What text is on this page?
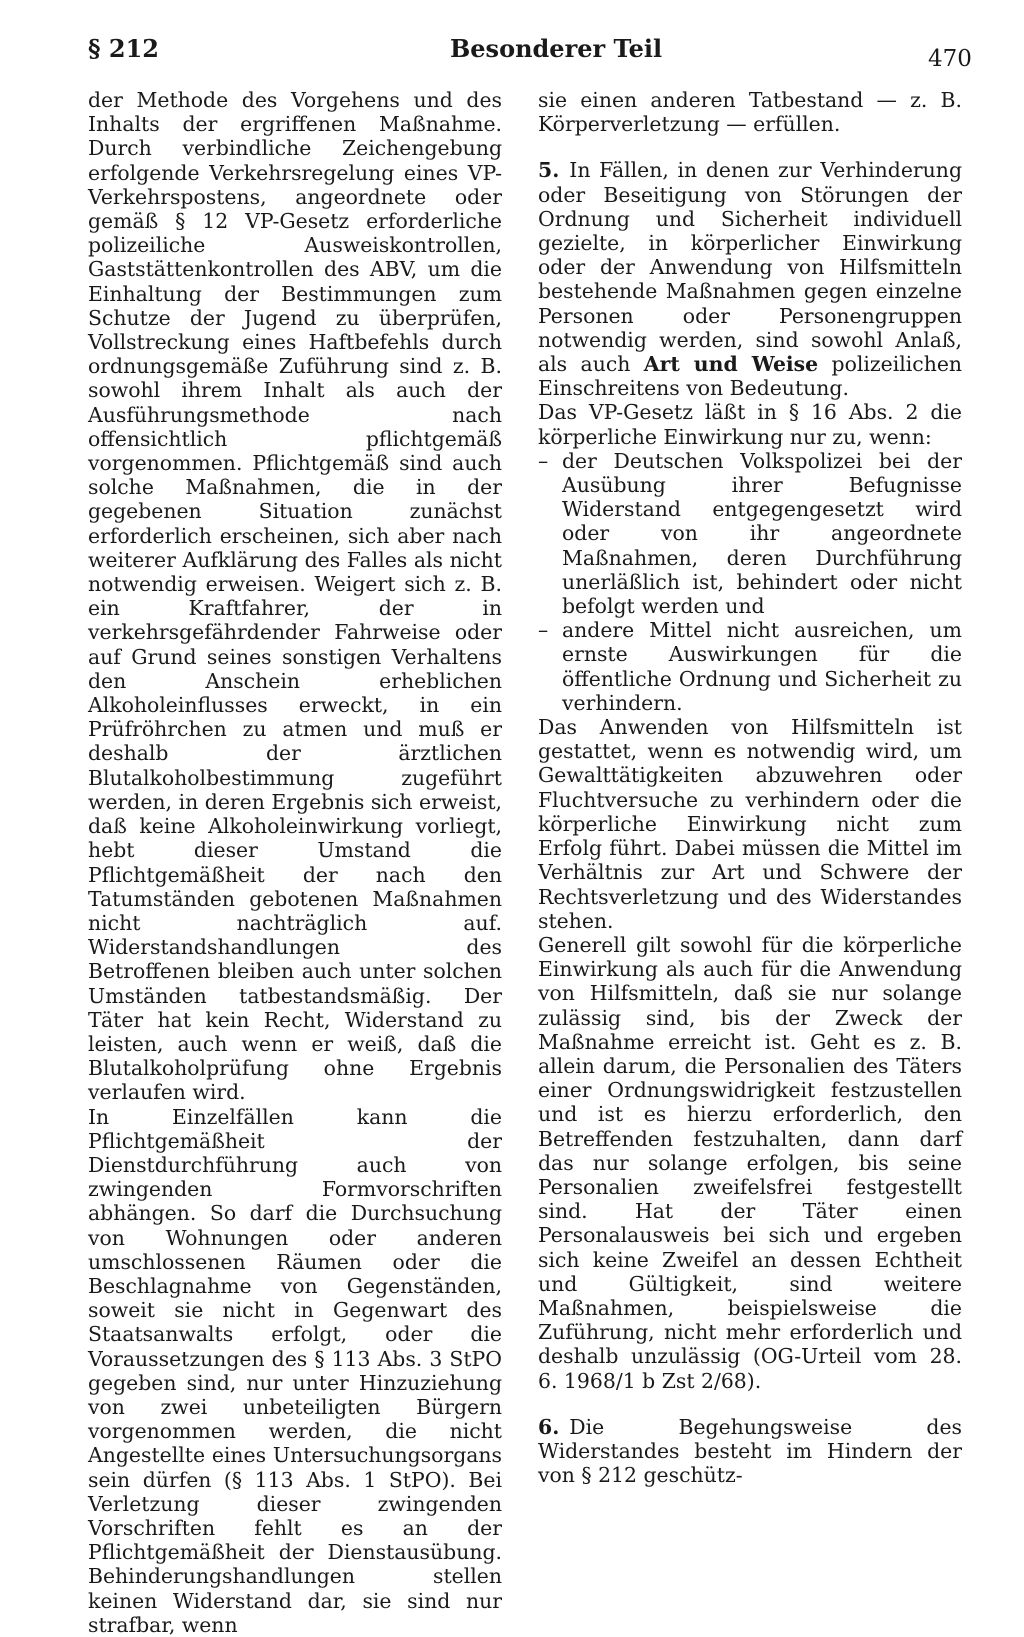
§ 212	Besonderer Teil	470

der Methode des Vorgehens und des Inhalts der ergriffenen Maßnahme. Durch verbindliche Zeichengebung erfolgende Verkehrsregelung eines VP-Verkehrspostens, angeordnete oder gemäß § 12 VP-Gesetz erforderliche polizeiliche Ausweiskontrollen, Gaststättenkontrollen des ABV, um die Einhaltung der Bestimmungen zum Schutze der Jugend zu überprüfen, Vollstreckung eines Haftbefehls durch ordnungsgemäße Zuführung sind z. B. sowohl ihrem Inhalt als auch der Ausführungsmethode nach offensichtlich pflichtgemäß vorgenommen. Pflichtgemäß sind auch solche Maßnahmen, die in der gegebenen Situation zunächst erforderlich erscheinen, sich aber nach weiterer Aufklärung des Falles als nicht notwendig erweisen. Weigert sich z. B. ein Kraftfahrer, der in verkehrsgefährdender Fahrweise oder auf Grund seines sonstigen Verhaltens den Anschein erheblichen Alkoholeinflusses erweckt, in ein Prüfröhrchen zu atmen und muß er deshalb der ärztlichen Blutalkoholbestimmung zugeführt werden, in deren Ergebnis sich erweist, daß keine Alkoholeinwirkung vorliegt, hebt dieser Umstand die Pflichtgemäßheit der nach den Tatumständen gebotenen Maßnahmen nicht nachträglich auf. Widerstandshandlungen des Betroffenen bleiben auch unter solchen Umständen tatbestandsmäßig. Der Täter hat kein Recht, Widerstand zu leisten, auch wenn er weiß, daß die Blutalkoholprüfung ohne Ergebnis verlaufen wird.

In Einzelfällen kann die Pflichtgemäßheit der Dienstdurchführung auch von zwingenden Formvorschriften abhängen. So darf die Durchsuchung von Wohnungen oder anderen umschlossenen Räumen oder die Beschlagnahme von Gegenständen, soweit sie nicht in Gegenwart des Staatsanwalts erfolgt, oder die Voraussetzungen des § 113 Abs. 3 StPO gegeben sind, nur unter Hinzuziehung von zwei unbeteiligten Bürgern vorgenommen werden, die nicht Angestellte eines Untersuchungsorgans sein dürfen (§ 113 Abs. 1 StPO). Bei Verletzung dieser zwingenden Vorschriften fehlt es an der Pflichtgemäßheit der Dienstausübung. Behinderungshandlungen stellen keinen Widerstand dar, sie sind nur strafbar, wenn

sie einen anderen Tatbestand — z. B. Körperverletzung — erfüllen.

5. In Fällen, in denen zur Verhinderung oder Beseitigung von Störungen der Ordnung und Sicherheit individuell gezielte, in körperlicher Einwirkung oder der Anwendung von Hilfsmitteln bestehende Maßnahmen gegen einzelne Personen oder Personengruppen notwendig werden, sind sowohl Anlaß, als auch Art und Weise polizeilichen Einschreitens von Bedeutung.

Das VP-Gesetz läßt in § 16 Abs. 2 die körperliche Einwirkung nur zu, wenn:

– der Deutschen Volkspolizei bei der Ausübung ihrer Befugnisse Widerstand entgegengesetzt wird oder von ihr angeordnete Maßnahmen, deren Durchführung unerläßlich ist, behindert oder nicht befolgt werden und
– andere Mittel nicht ausreichen, um ernste Auswirkungen für die öffentliche Ordnung und Sicherheit zu verhindern.

Das Anwenden von Hilfsmitteln ist gestattet, wenn es notwendig wird, um Gewalttätigkeiten abzuwehren oder Fluchtversuche zu verhindern oder die körperliche Einwirkung nicht zum Erfolg führt. Dabei müssen die Mittel im Verhältnis zur Art und Schwere der Rechtsverletzung und des Widerstandes stehen.

Generell gilt sowohl für die körperliche Einwirkung als auch für die Anwendung von Hilfsmitteln, daß sie nur solange zulässig sind, bis der Zweck der Maßnahme erreicht ist. Geht es z. B. allein darum, die Personalien des Täters einer Ordnungswidrigkeit festzustellen und ist es hierzu erforderlich, den Betreffenden festzuhalten, dann darf das nur solange erfolgen, bis seine Personalien zweifelsfrei festgestellt sind. Hat der Täter einen Personalausweis bei sich und ergeben sich keine Zweifel an dessen Echtheit und Gültigkeit, sind weitere Maßnahmen, beispielsweise die Zuführung, nicht mehr erforderlich und deshalb unzulässig (OG-Urteil vom 28. 6. 1968/1 b Zst 2/68).

6. Die Begehungsweise des Widerstandes besteht im Hindern der von § 212 geschütz-
